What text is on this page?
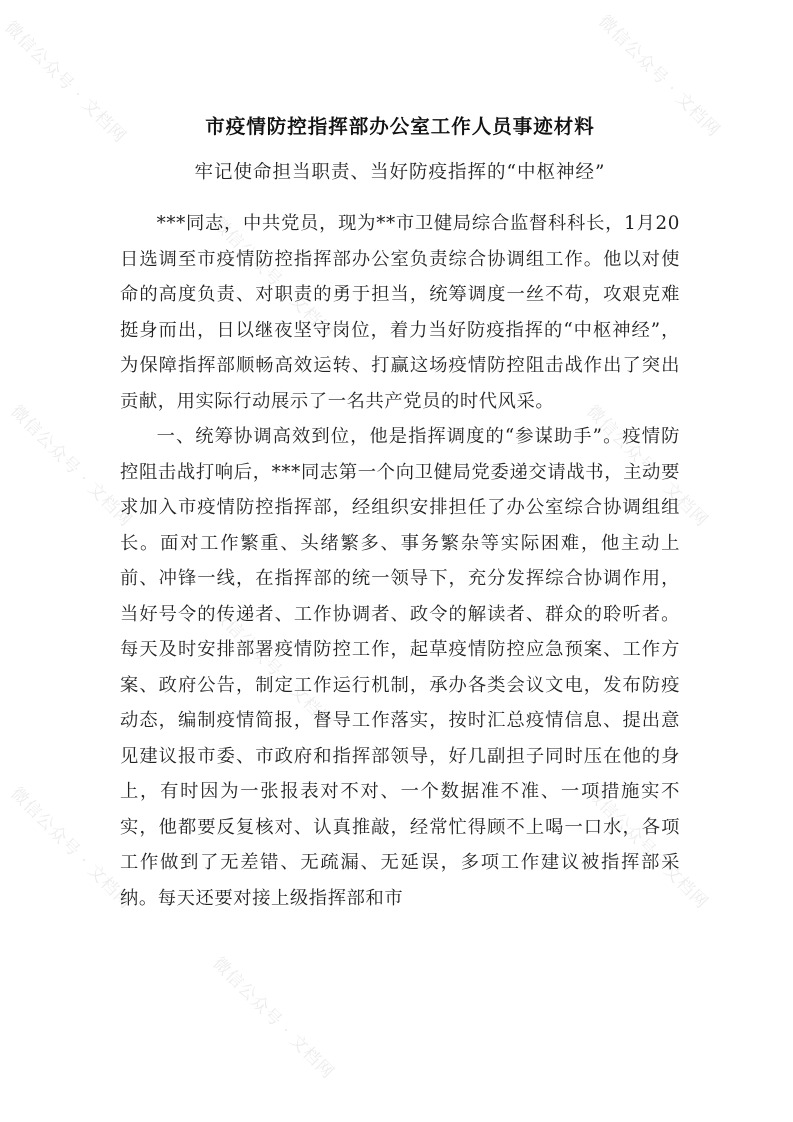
微信公众号 · 文档网	微信公众号 · 文档网
微信公众号 · 文档网
微信公众号 · 文档网	微信公众号 · 文档网
微信公众号 · 文档网
微信公众号 · 文档网	微信公众号 · 文档网
微信公众号 · 文档网
市疫情防控指挥部办公室工作人员事迹材料

牢记使命担当职责、当好防疫指挥的“中枢神经”

***同志，中共党员，现为**市卫健局综合监督科科长，1月20日选调至市疫情防控指挥部办公室负责综合协调组工作。他以对使命的高度负责、对职责的勇于担当，统筹调度一丝不苟，攻艰克难挺身而出，日以继夜坚守岗位，着力当好防疫指挥的“中枢神经”，为保障指挥部顺畅高效运转、打赢这场疫情防控阻击战作出了突出贡献，用实际行动展示了一名共产党员的时代风采。

一、统筹协调高效到位，他是指挥调度的“参谋助手”。疫情防控阻击战打响后，***同志第一个向卫健局党委递交请战书，主动要求加入市疫情防控指挥部，经组织安排担任了办公室综合协调组组长。面对工作繁重、头绪繁多、事务繁杂等实际困难，他主动上前、冲锋一线，在指挥部的统一领导下，充分发挥综合协调作用，当好号令的传递者、工作协调者、政令的解读者、群众的聆听者。每天及时安排部署疫情防控工作，起草疫情防控应急预案、工作方案、政府公告，制定工作运行机制，承办各类会议文电，发布防疫动态，编制疫情简报，督导工作落实，按时汇总疫情信息、提出意见建议报市委、市政府和指挥部领导，好几副担子同时压在他的身上，有时因为一张报表对不对、一个数据准不准、一项措施实不实，他都要反复核对、认真推敲，经常忙得顾不上喝一口水，各项工作做到了无差错、无疏漏、无延误，多项工作建议被指挥部采纳。每天还要对接上级指挥部和市
